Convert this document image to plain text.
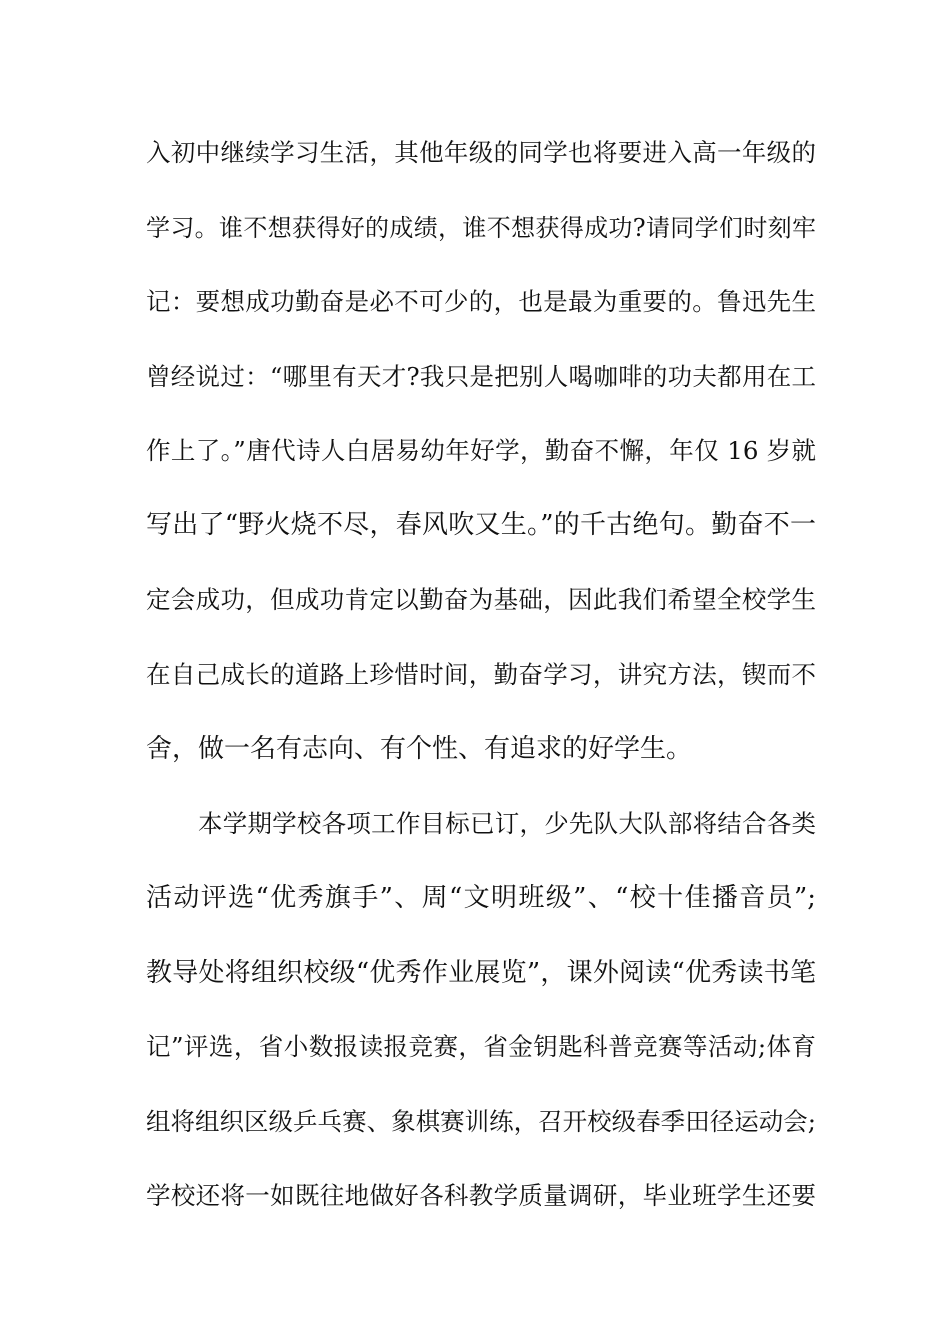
入初中继续学习生活，其他年级的同学也将要进入高一年级的
学习。谁不想获得好的成绩，谁不想获得成功?请同学们时刻牢
记：要想成功勤奋是必不可少的，也是最为重要的。鲁迅先生
曾经说过：“哪里有天才?我只是把别人喝咖啡的功夫都用在工
作上了。”唐代诗人白居易幼年好学，勤奋不懈，年仅 16 岁就
写出了“野火烧不尽，春风吹又生。”的千古绝句。勤奋不一
定会成功，但成功肯定以勤奋为基础，因此我们希望全校学生
在自己成长的道路上珍惜时间，勤奋学习，讲究方法，锲而不
舍，做一名有志向、有个性、有追求的好学生。
本学期学校各项工作目标已订，少先队大队部将结合各类
活动评选“优秀旗手”、周“文明班级”、“校十佳播音员”;
教导处将组织校级“优秀作业展览”，课外阅读“优秀读书笔
记”评选，省小数报读报竞赛，省金钥匙科普竞赛等活动;体育
组将组织区级乒乓赛、象棋赛训练，召开校级春季田径运动会;
学校还将一如既往地做好各科教学质量调研，毕业班学生还要
